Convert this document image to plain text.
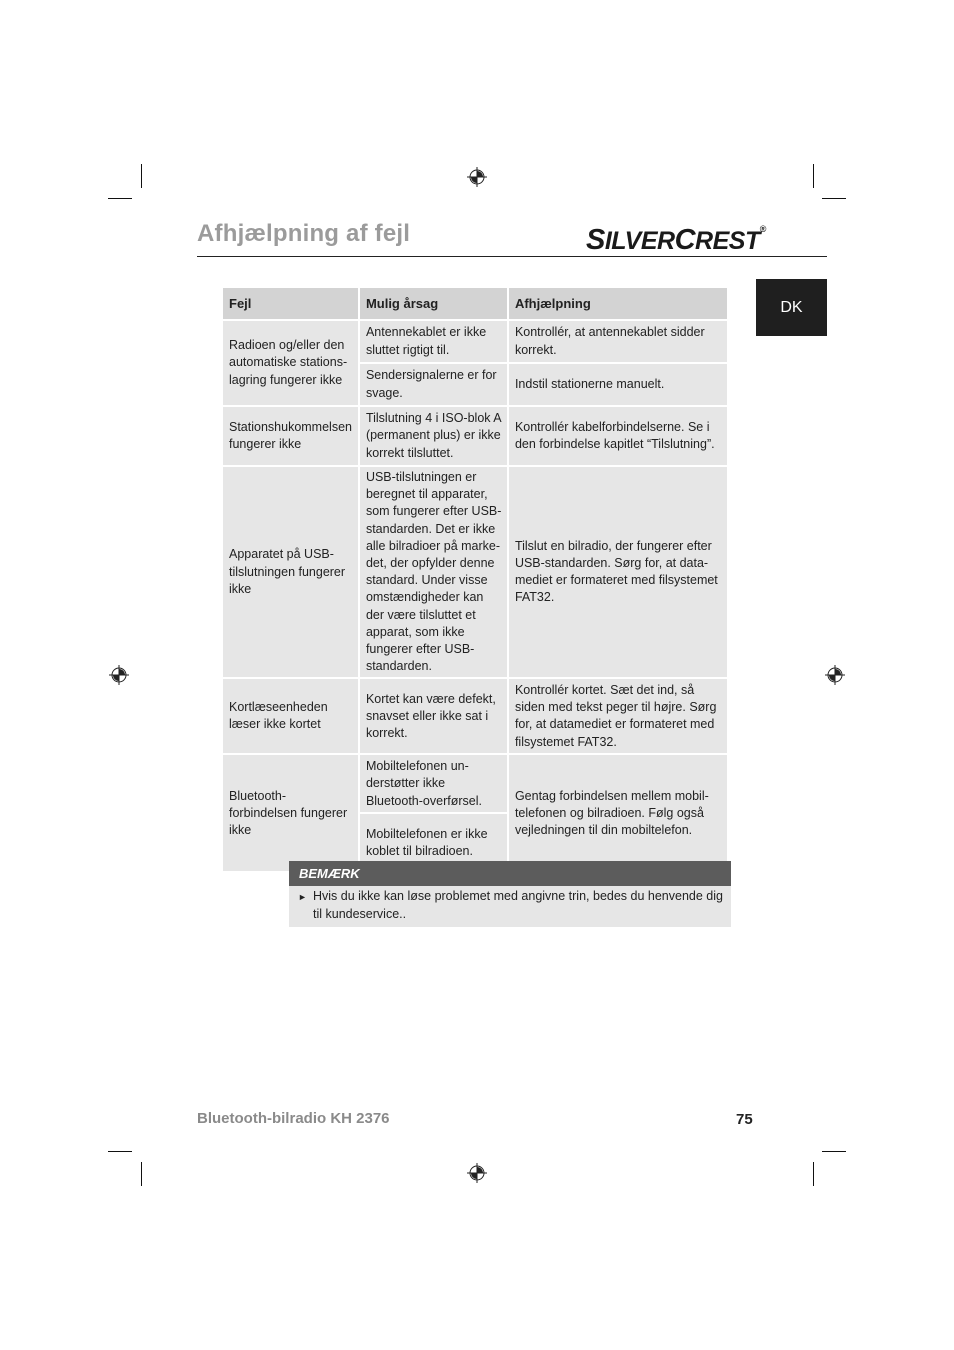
Afhjælpning af fejl	SILVERCREST®
DK
Fejl	Mulig årsag	Afhjælpning
Radioen og/eller den automatiske stations-lagring fungerer ikke	Antennekablet er ikke sluttet rigtigt til.	Kontrollér, at antennekablet sidder korrekt.
	Sendersignalerne er for svage.	Indstil stationerne manuelt.
Stationshukommelsen fungerer ikke	Tilslutning 4 i ISO-blok A (permanent plus) er ikke korrekt tilsluttet.	Kontrollér kabelforbindelserne. Se i den forbindelse kapitlet “Tilslutning”.
Apparatet på USB-tilslutningen fungerer ikke	USB-tilslutningen er beregnet til apparater, som fungerer efter USB-standarden. Det er ikke alle bilradioer på marke-det, der opfylder denne standard. Under visse omstændigheder kan der være tilsluttet et apparat, som ikke fungerer efter USB-standarden.	Tilslut en bilradio, der fungerer efter USB-standarden. Sørg for, at data-mediet er formateret med filsystemet FAT32.
Kortlæseenheden læser ikke kortet	Kortet kan være defekt, snavset eller ikke sat i korrekt.	Kontrollér kortet. Sæt det ind, så siden med tekst peger til højre. Sørg for, at datamediet er formateret med filsystemet FAT32.
Bluetooth-forbindelsen fungerer ikke	Mobiltelefonen un-derstøtter ikke Bluetooth-overførsel.	Gentag forbindelsen mellem mobil-telefonen og bilradioen. Følg også vejledningen til din mobiltelefon.
	Mobiltelefonen er ikke koblet til bilradioen.	
BEMÆRK
► Hvis du ikke kan løse problemet med angivne trin, bedes du henvende dig til kundeservice..
Bluetooth-bilradio KH 2376	75
